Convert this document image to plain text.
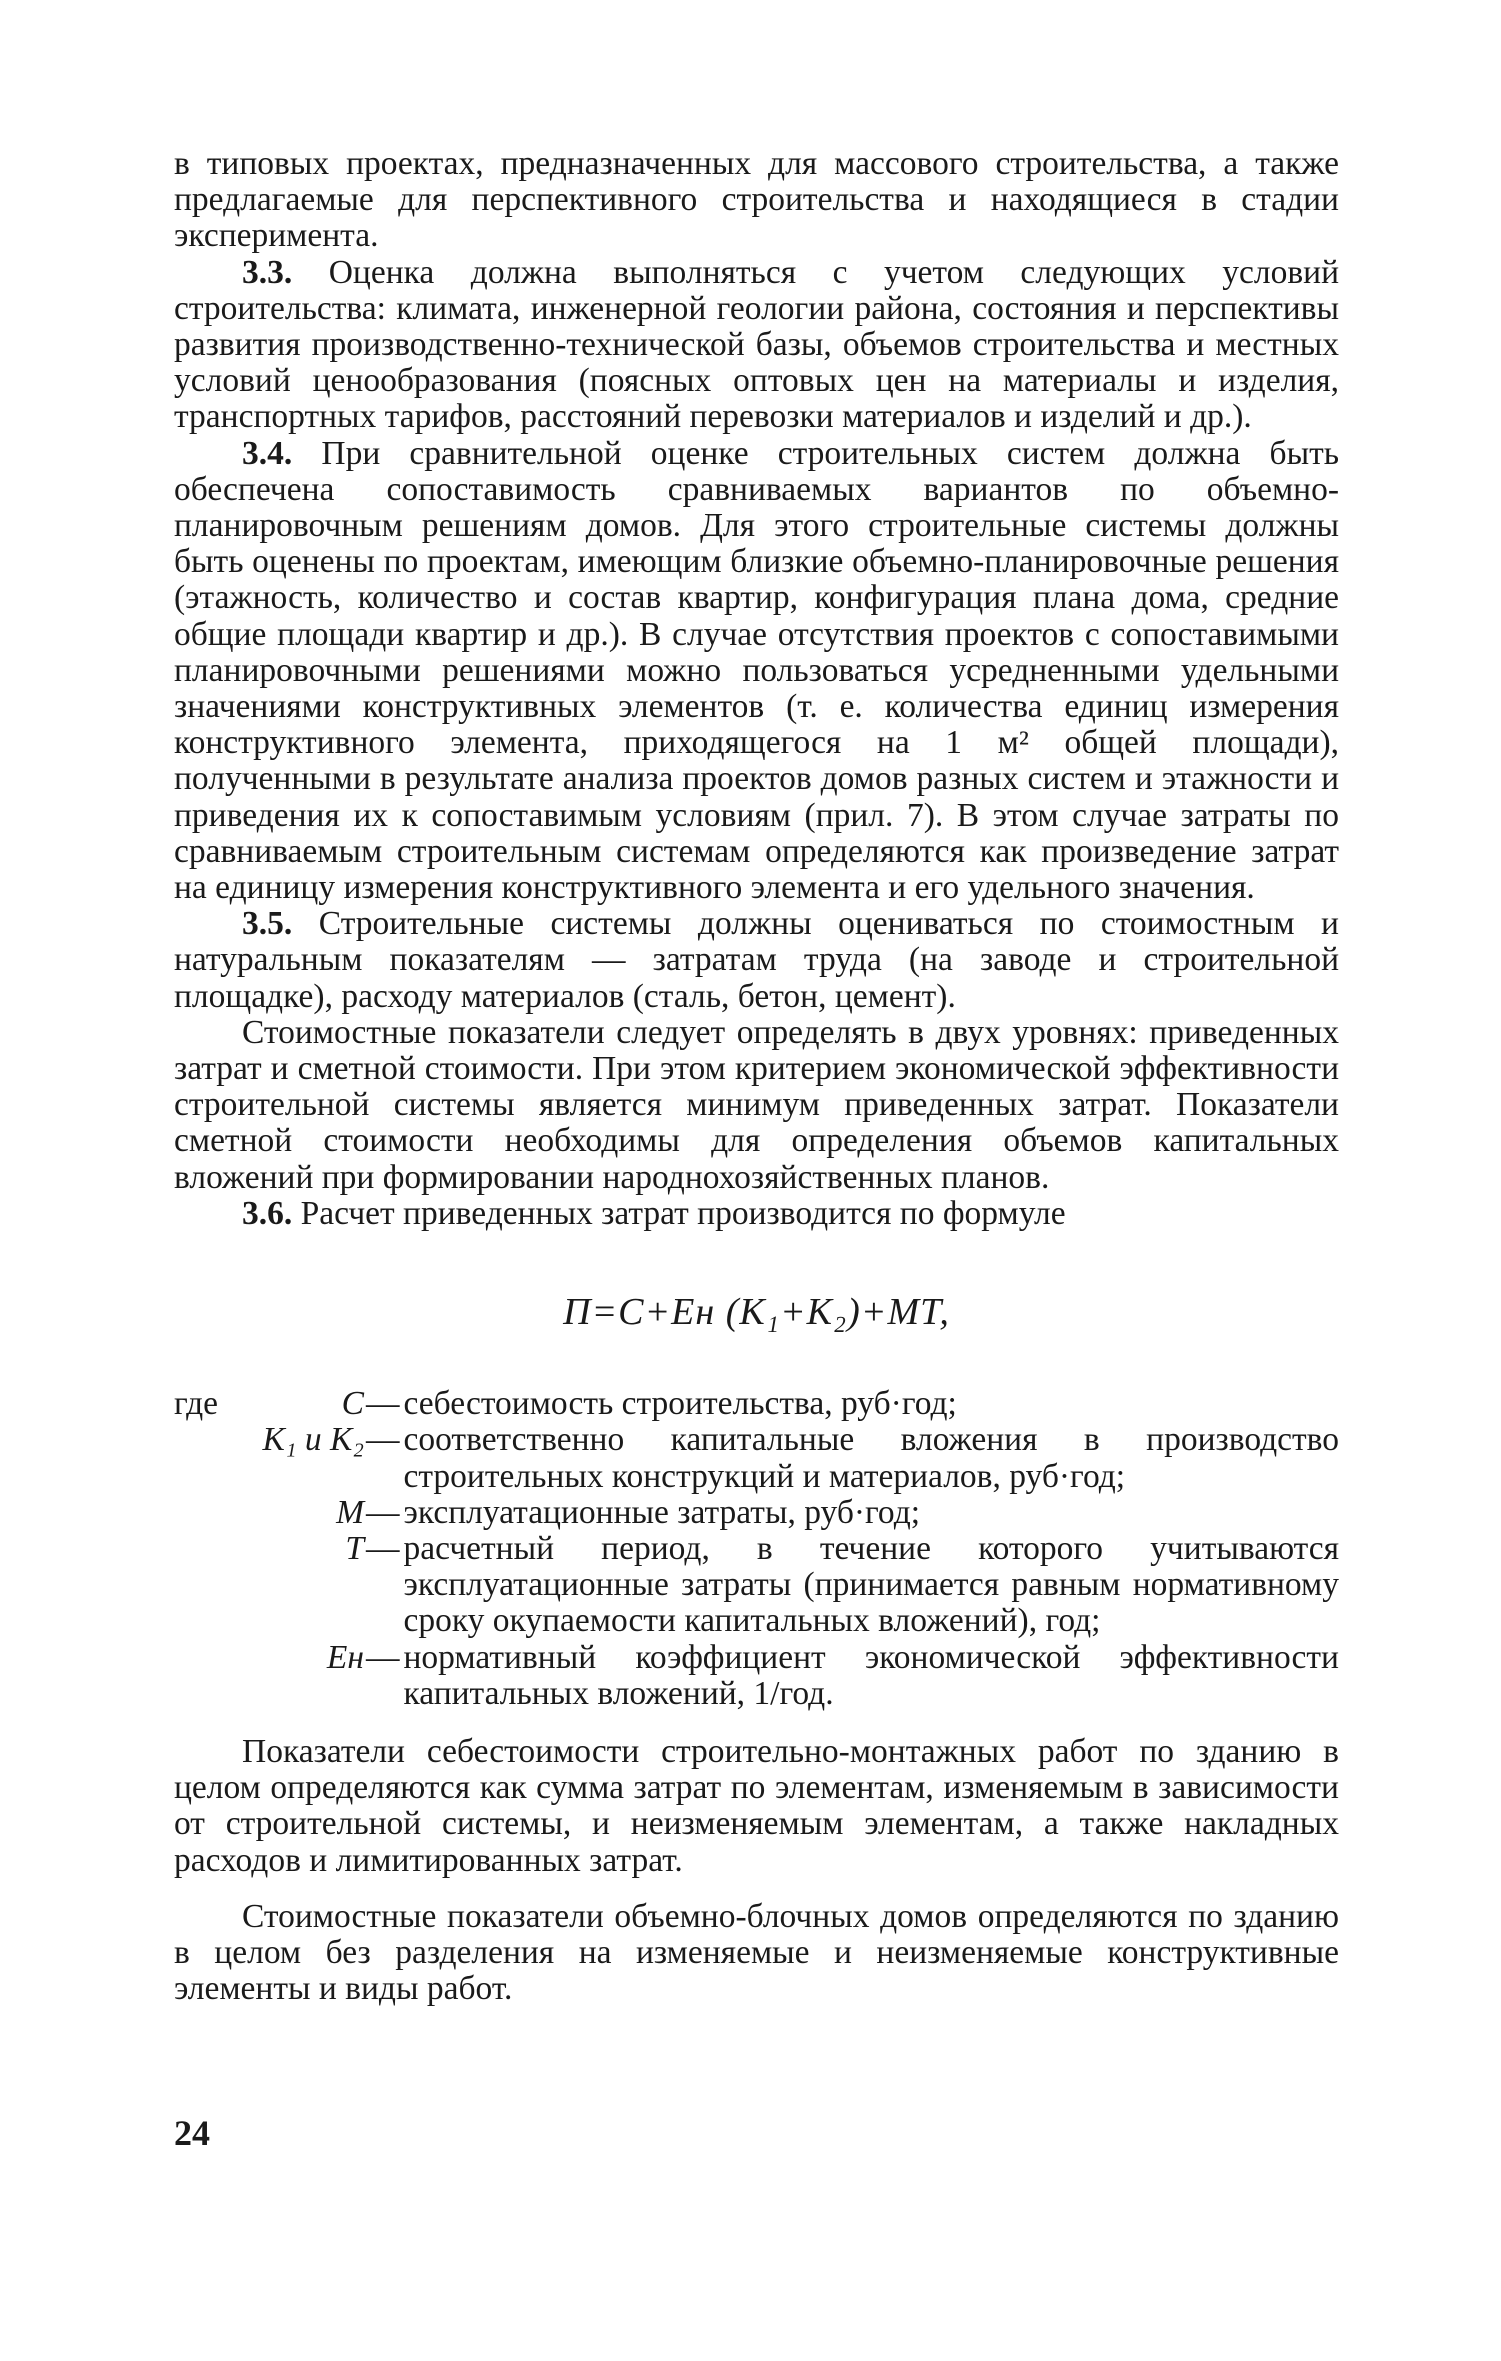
в типовых проектах, предназначенных для массового строительства, а также предлагаемые для перспективного строительства и находящиеся в стадии эксперимента.

3.3. Оценка должна выполняться с учетом следующих условий строительства: климата, инженерной геологии района, состояния и перспективы развития производственно-технической базы, объемов строительства и местных условий ценообразования (поясных оптовых цен на материалы и изделия, транспортных тарифов, расстояний перевозки материалов и изделий и др.).

3.4. При сравнительной оценке строительных систем должна быть обеспечена сопоставимость сравниваемых вариантов по объемно-планировочным решениям домов. Для этого строительные системы должны быть оценены по проектам, имеющим близкие объемно-планировочные решения (этажность, количество и состав квартир, конфигурация плана дома, средние общие площади квартир и др.). В случае отсутствия проектов с сопоставимыми планировочными решениями можно пользоваться усредненными удельными значениями конструктивных элементов (т. е. количества единиц измерения конструктивного элемента, приходящегося на 1 м² общей площади), полученными в результате анализа проектов домов разных систем и этажности и приведения их к сопоставимым условиям (прил. 7). В этом случае затраты по сравниваемым строительным системам определяются как произведение затрат на единицу измерения конструктивного элемента и его удельного значения.

3.5. Строительные системы должны оцениваться по стоимостным и натуральным показателям — затратам труда (на заводе и строительной площадке), расходу материалов (сталь, бетон, цемент).

Стоимостные показатели следует определять в двух уровнях: приведенных затрат и сметной стоимости. При этом критерием экономической эффективности строительной системы является минимум приведенных затрат. Показатели сметной стоимости необходимы для определения объемов капитальных вложений при формировании народнохозяйственных планов.

3.6. Расчет приведенных затрат производится по формуле

П=С+Eн (K₁+K₂)+MT,
где	С — себестоимость строительства, руб·год;
K₁ и K₂ — соответственно капитальные вложения в производство строительных конструкций и материалов, руб·год;
М — эксплуатационные затраты, руб·год;
Т — расчетный период, в течение которого учитываются эксплуатационные затраты (принимается равным нормативному сроку окупаемости капитальных вложений), год;
Eн — нормативный коэффициент экономической эффективности капитальных вложений, 1/год.

Показатели себестоимости строительно-монтажных работ по зданию в целом определяются как сумма затрат по элементам, изменяемым в зависимости от строительной системы, и неизменяемым элементам, а также накладных расходов и лимитированных затрат.

Стоимостные показатели объемно-блочных домов определяются по зданию в целом без разделения на изменяемые и неизменяемые конструктивные элементы и виды работ.

24
